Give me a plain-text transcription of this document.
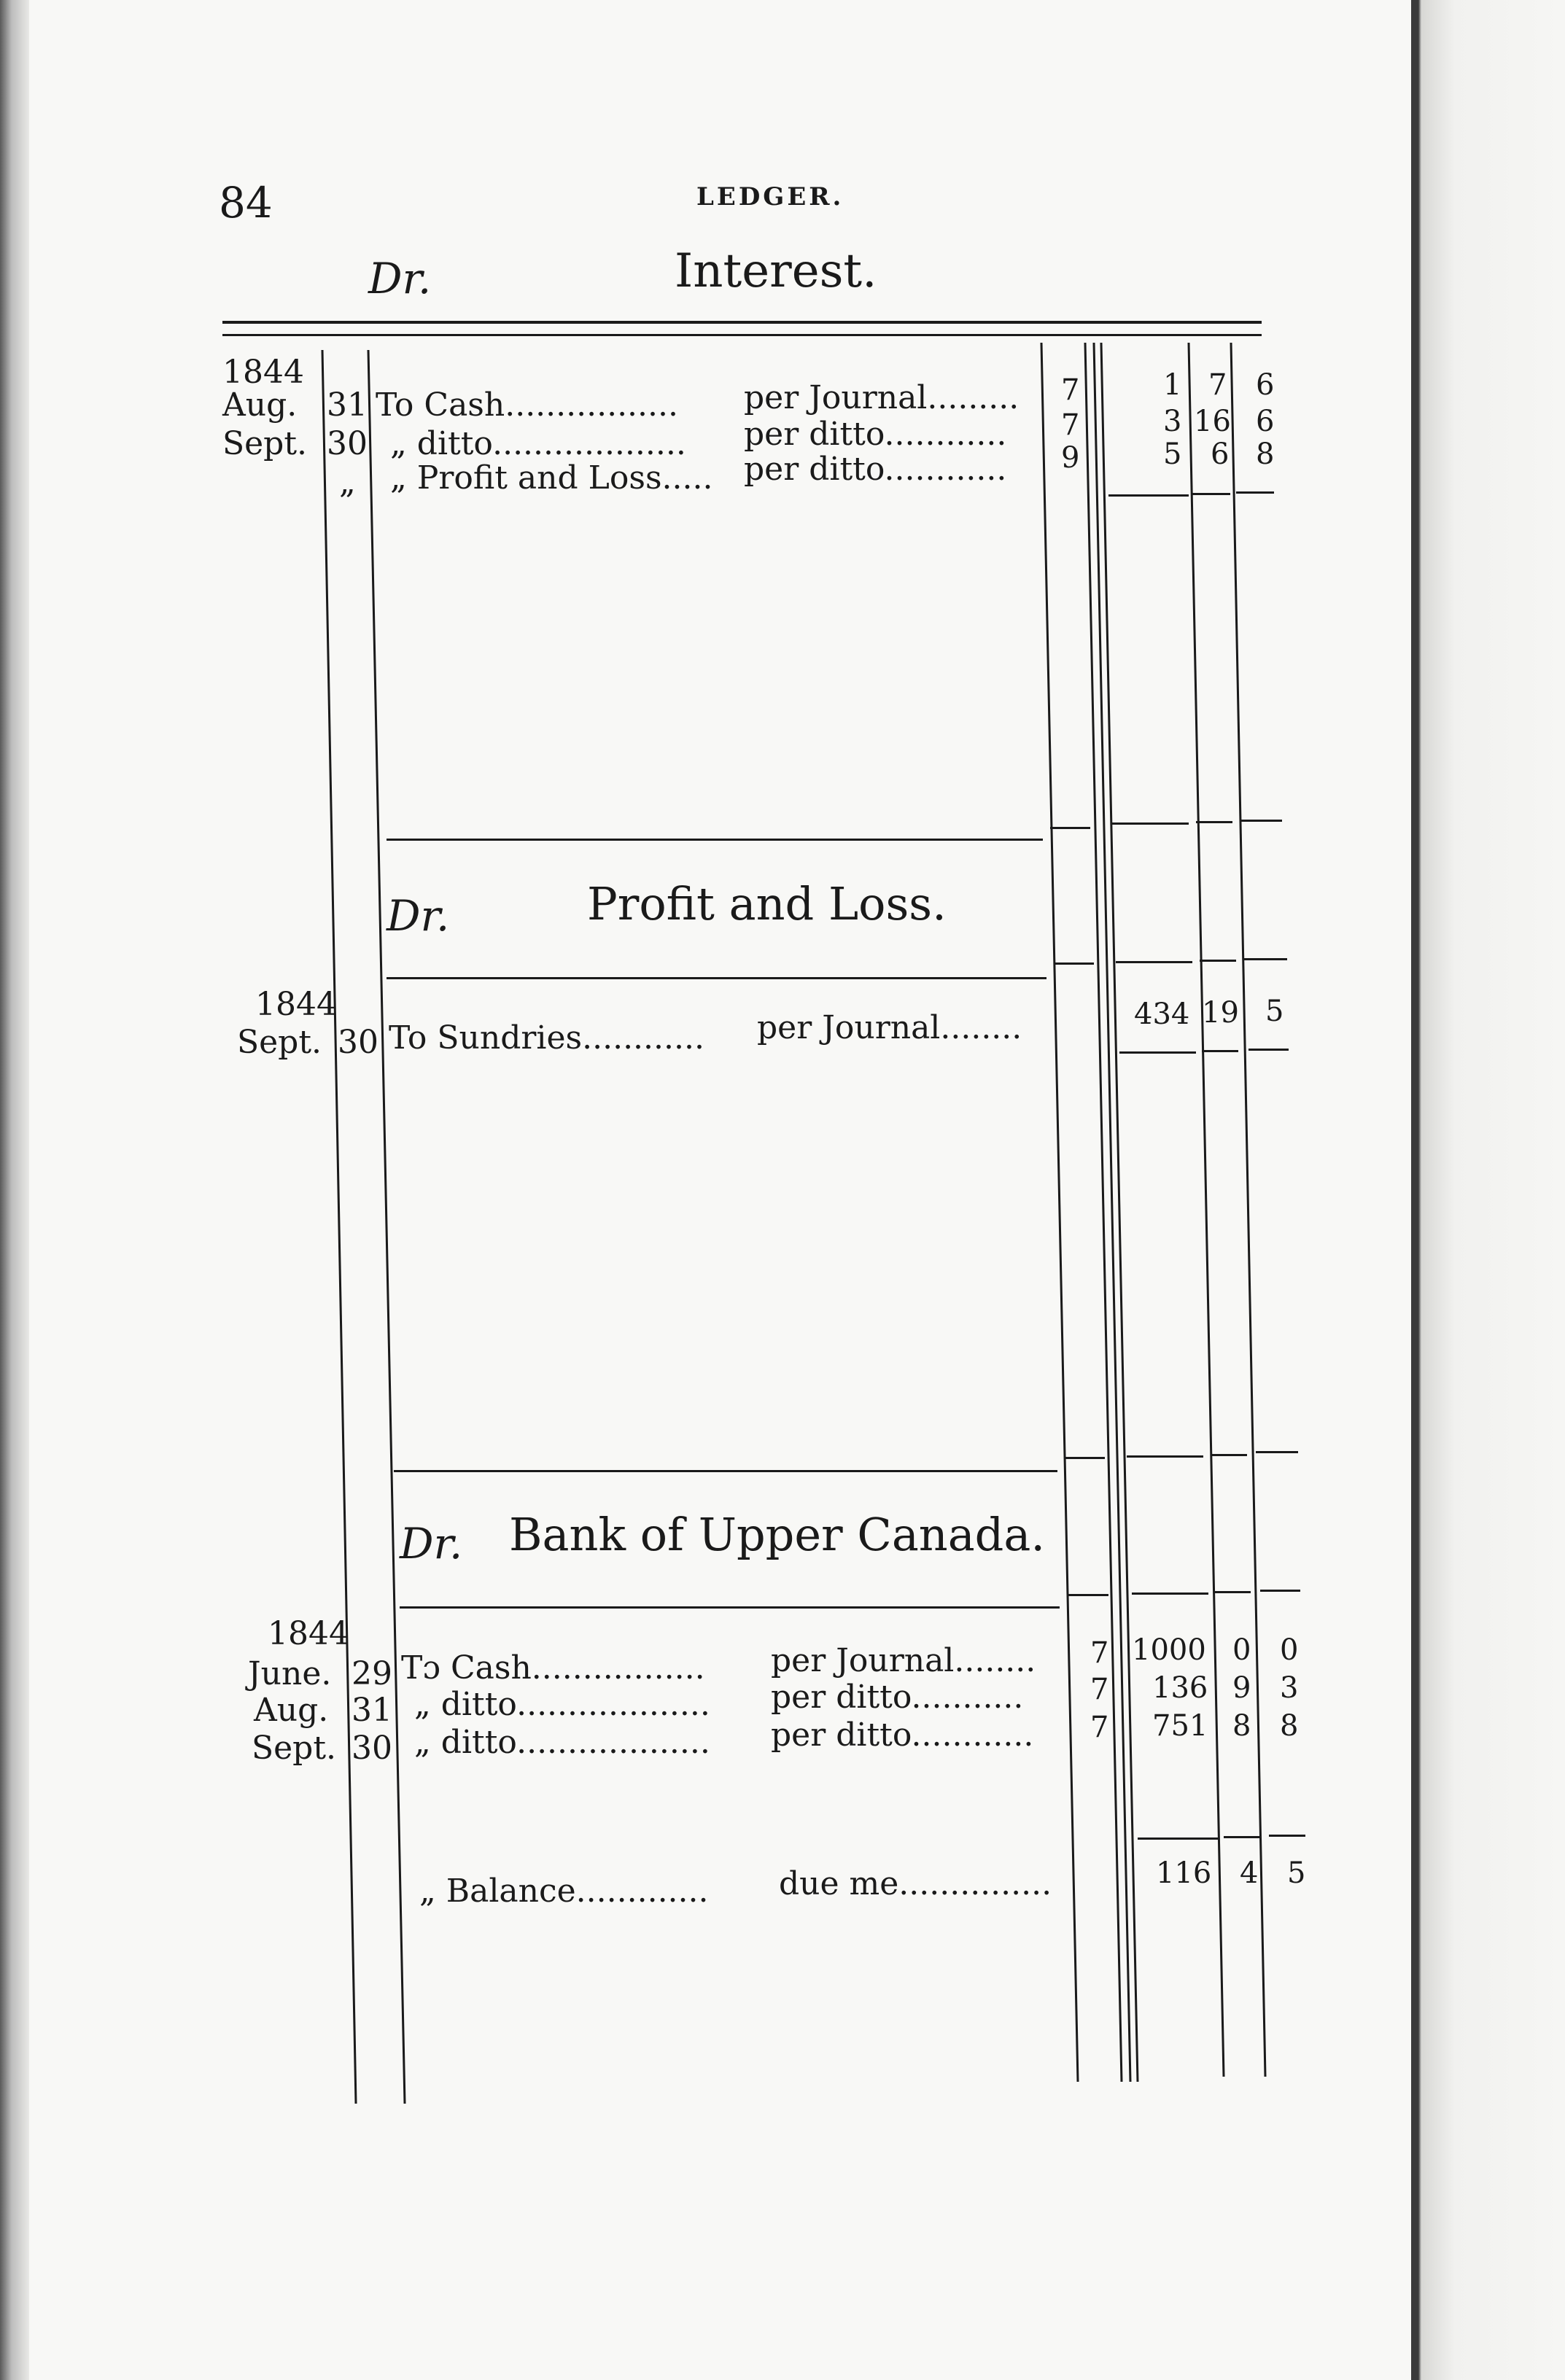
84	LEDGER.
Dr.	Interest.
1844
Aug. 31 To Cash................. per Journal......... 7	1 7 6
Sept. 30 „ ditto................... per ditto............ 7	3 16 6
„ „ Profit and Loss..... per ditto............ 9	5 6 8
Dr.	Profit and Loss.
1844
Sept. 30 To Sundries............ per Journal........	434 19 5
Dr. Bank of Upper Canada.
1844
June. 29 Tɔ Cash................. per Journal........ 7 1000 0 0
Aug. 31 „ ditto................... per ditto........... 7 136 9 3
Sept. 30 „ ditto................... per ditto............ 7 751 8 8
„ Balance............. due me...............	116 4 5
